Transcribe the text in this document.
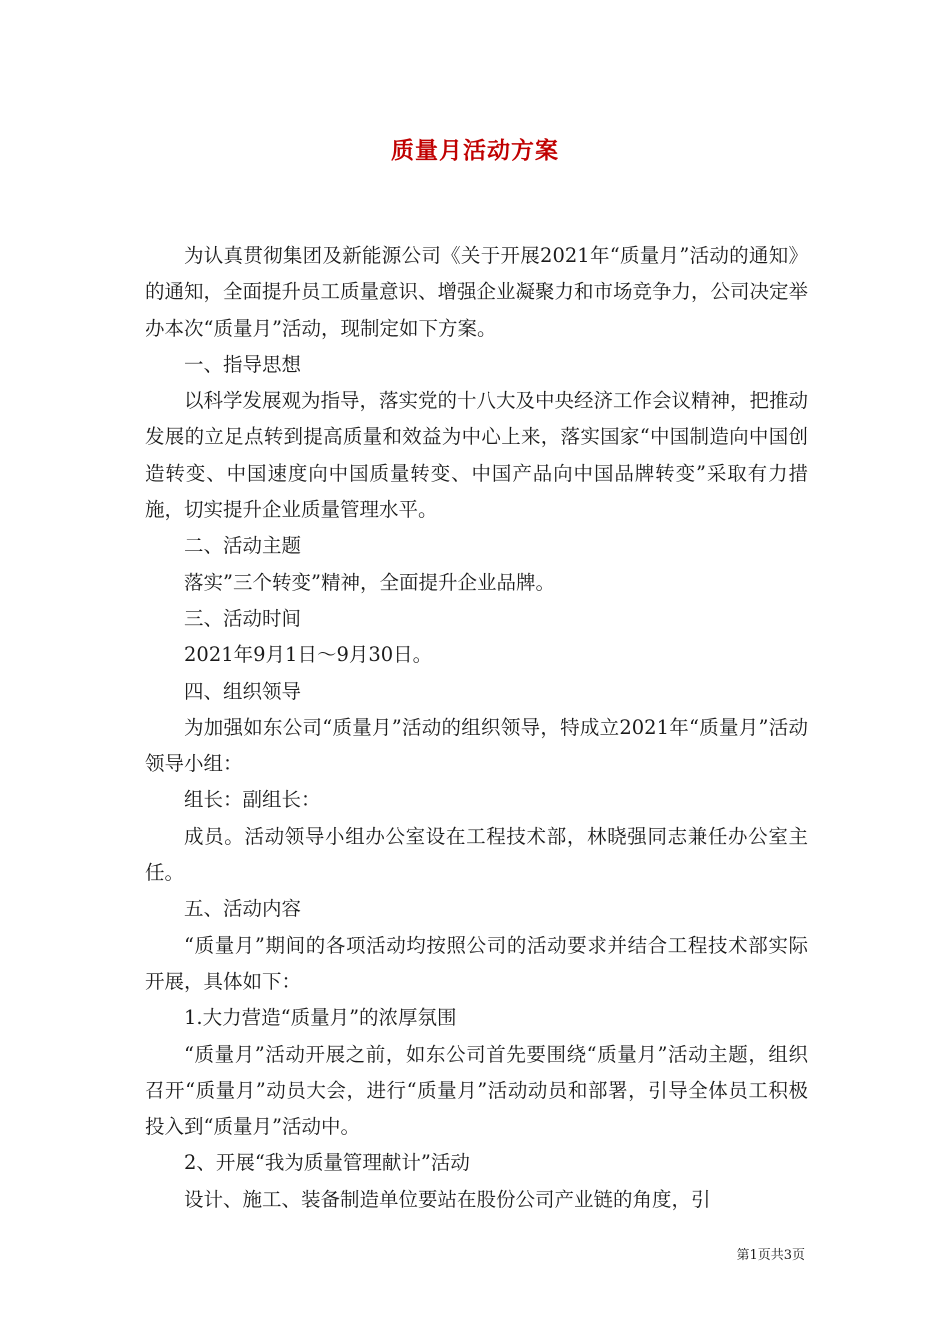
质量月活动方案

为认真贯彻集团及新能源公司《关于开展2021年“质量月”活动的通知》的通知，全面提升员工质量意识、增强企业凝聚力和市场竞争力，公司决定举办本次“质量月”活动，现制定如下方案。

一、指导思想

以科学发展观为指导，落实党的十八大及中央经济工作会议精神，把推动发展的立足点转到提高质量和效益为中心上来，落实国家“中国制造向中国创造转变、中国速度向中国质量转变、中国产品向中国品牌转变”采取有力措施，切实提升企业质量管理水平。

二、活动主题

落实”三个转变”精神，全面提升企业品牌。

三、活动时间

2021年9月1日～9月30日。

四、组织领导

为加强如东公司“质量月”活动的组织领导，特成立2021年“质量月”活动领导小组：

组长：副组长：

成员。活动领导小组办公室设在工程技术部，林晓强同志兼任办公室主任。

五、活动内容

“质量月”期间的各项活动均按照公司的活动要求并结合工程技术部实际开展，具体如下：

1.大力营造“质量月”的浓厚氛围

“质量月”活动开展之前，如东公司首先要围绕“质量月”活动主题，组织召开“质量月”动员大会，进行“质量月”活动动员和部署，引导全体员工积极投入到“质量月”活动中。

2、开展“我为质量管理献计”活动

设计、施工、装备制造单位要站在股份公司产业链的角度，引

第1页共3页
